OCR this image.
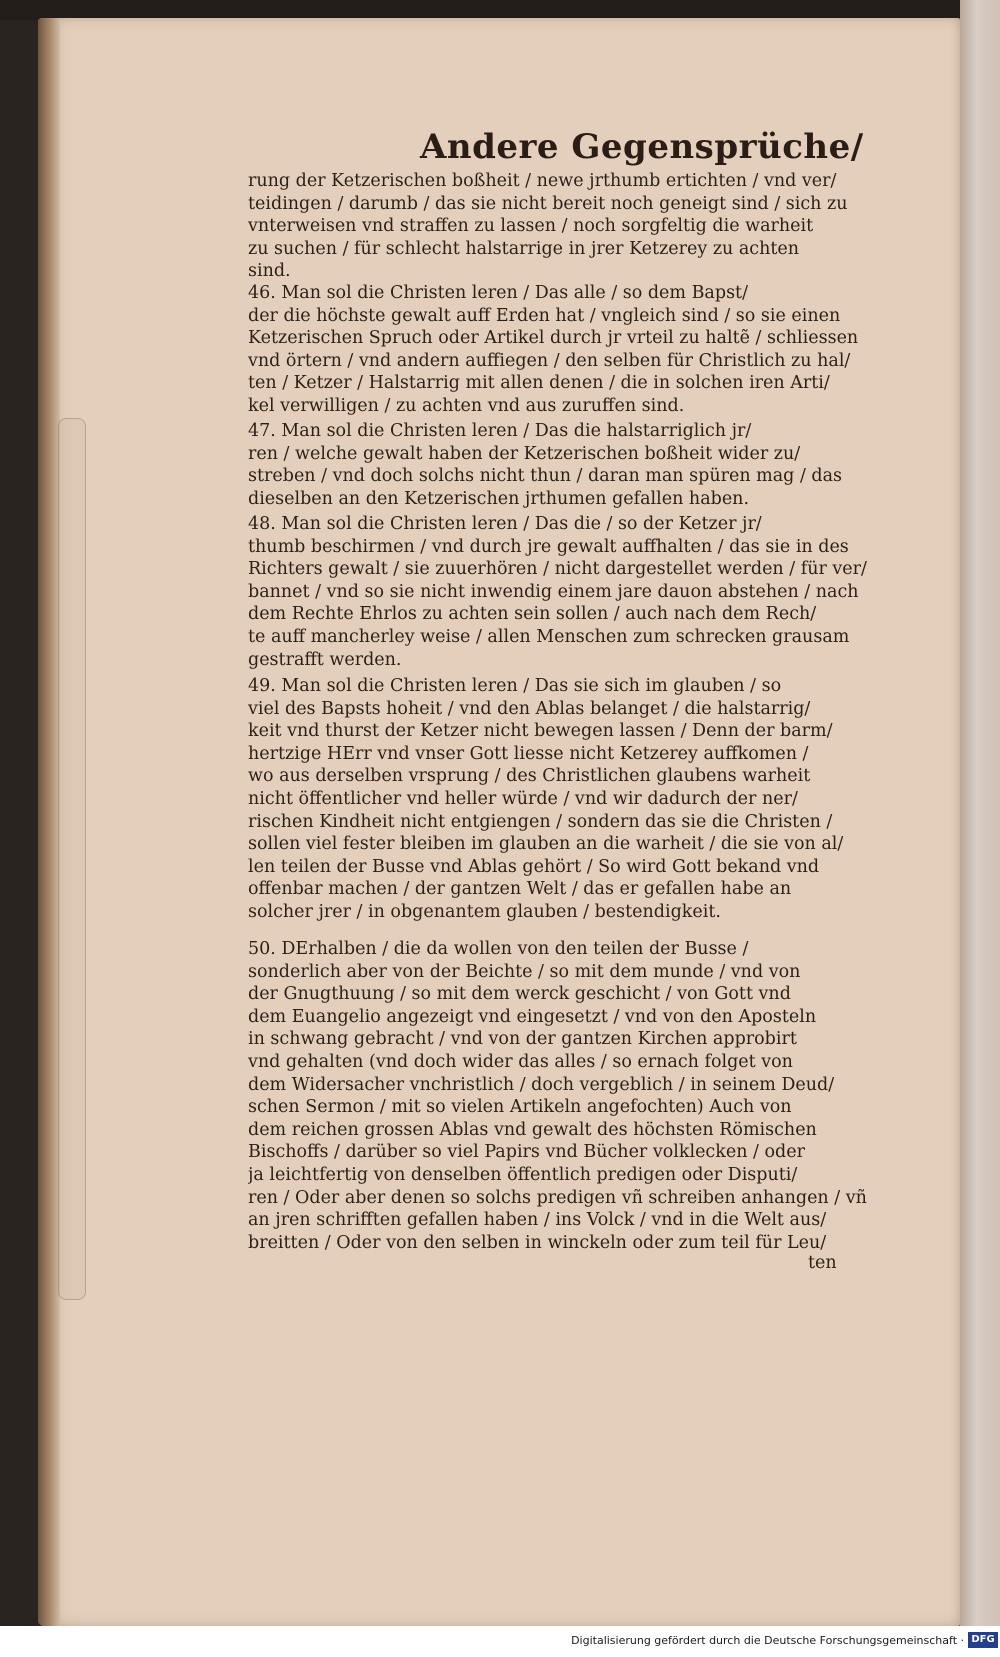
Andere Gegensprüche/
rung der Ketzerischen boßheit / newe jrthumb ertichten / vnd ver/
teidingen / darumb / das sie nicht bereit noch geneigt sind / sich zu
vnterweisen vnd straffen zu lassen / noch sorgfeltig die warheit
zu suchen / für schlecht halstarrige in jrer Ketzerey zu achten
sind.
46. Man sol die Christen leren / Das alle / so dem Bapst/
der die höchste gewalt auff Erden hat / vngleich sind / so sie einen
Ketzerischen Spruch oder Artikel durch jr vrteil zu haltẽ / schliessen
vnd örtern / vnd andern auffiegen / den selben für Christlich zu hal/
ten / Ketzer / Halstarrig mit allen denen / die in solchen iren Arti/
kel verwilligen / zu achten vnd aus zuruffen sind.
47. Man sol die Christen leren / Das die halstarriglich jr/
ren / welche gewalt haben der Ketzerischen boßheit wider zu/
streben / vnd doch solchs nicht thun / daran man spüren mag / das
dieselben an den Ketzerischen jrthumen gefallen haben.
48. Man sol die Christen leren / Das die / so der Ketzer jr/
thumb beschirmen / vnd durch jre gewalt auffhalten / das sie in des
Richters gewalt / sie zuuerhören / nicht dargestellet werden / für ver/
bannet / vnd so sie nicht inwendig einem jare dauon abstehen / nach
dem Rechte Ehrlos zu achten sein sollen / auch nach dem Rech/
te auff mancherley weise / allen Menschen zum schrecken grausam
gestrafft werden.
49. Man sol die Christen leren / Das sie sich im glauben / so
viel des Bapsts hoheit / vnd den Ablas belanget / die halstarrig/
keit vnd thurst der Ketzer nicht bewegen lassen / Denn der barm/
hertzige HErr vnd vnser Gott liesse nicht Ketzerey auffkomen /
wo aus derselben vrsprung / des Christlichen glaubens warheit
nicht öffentlicher vnd heller würde / vnd wir dadurch der ner/
rischen Kindheit nicht entgiengen / sondern das sie die Christen /
sollen viel fester bleiben im glauben an die warheit / die sie von al/
len teilen der Busse vnd Ablas gehört / So wird Gott bekand vnd
offenbar machen / der gantzen Welt / das er gefallen habe an
solcher jrer / in obgenantem glauben / bestendigkeit.
50. DErhalben / die da wollen von den teilen der Busse /
sonderlich aber von der Beichte / so mit dem munde / vnd von
der Gnugthuung / so mit dem werck geschicht / von Gott vnd
dem Euangelio angezeigt vnd eingesetzt / vnd von den Aposteln
in schwang gebracht / vnd von der gantzen Kirchen approbirt
vnd gehalten (vnd doch wider das alles / so ernach folget von
dem Widersacher vnchristlich / doch vergeblich / in seinem Deud/
schen Sermon / mit so vielen Artikeln angefochten) Auch von
dem reichen grossen Ablas vnd gewalt des höchsten Römischen
Bischoffs / darüber so viel Papirs vnd Bücher volklecken / oder
ja leichtfertig von denselben öffentlich predigen oder Disputi/
ren / Oder aber denen so solchs predigen vñ schreiben anhangen / vñ
an jren schrifften gefallen haben / ins Volck / vnd in die Welt aus/
breitten / Oder von den selben in winckeln oder zum teil für Leu/
ten
Digitalisierung gefördert durch die Deutsche Forschungsgemeinschaft · DFG
